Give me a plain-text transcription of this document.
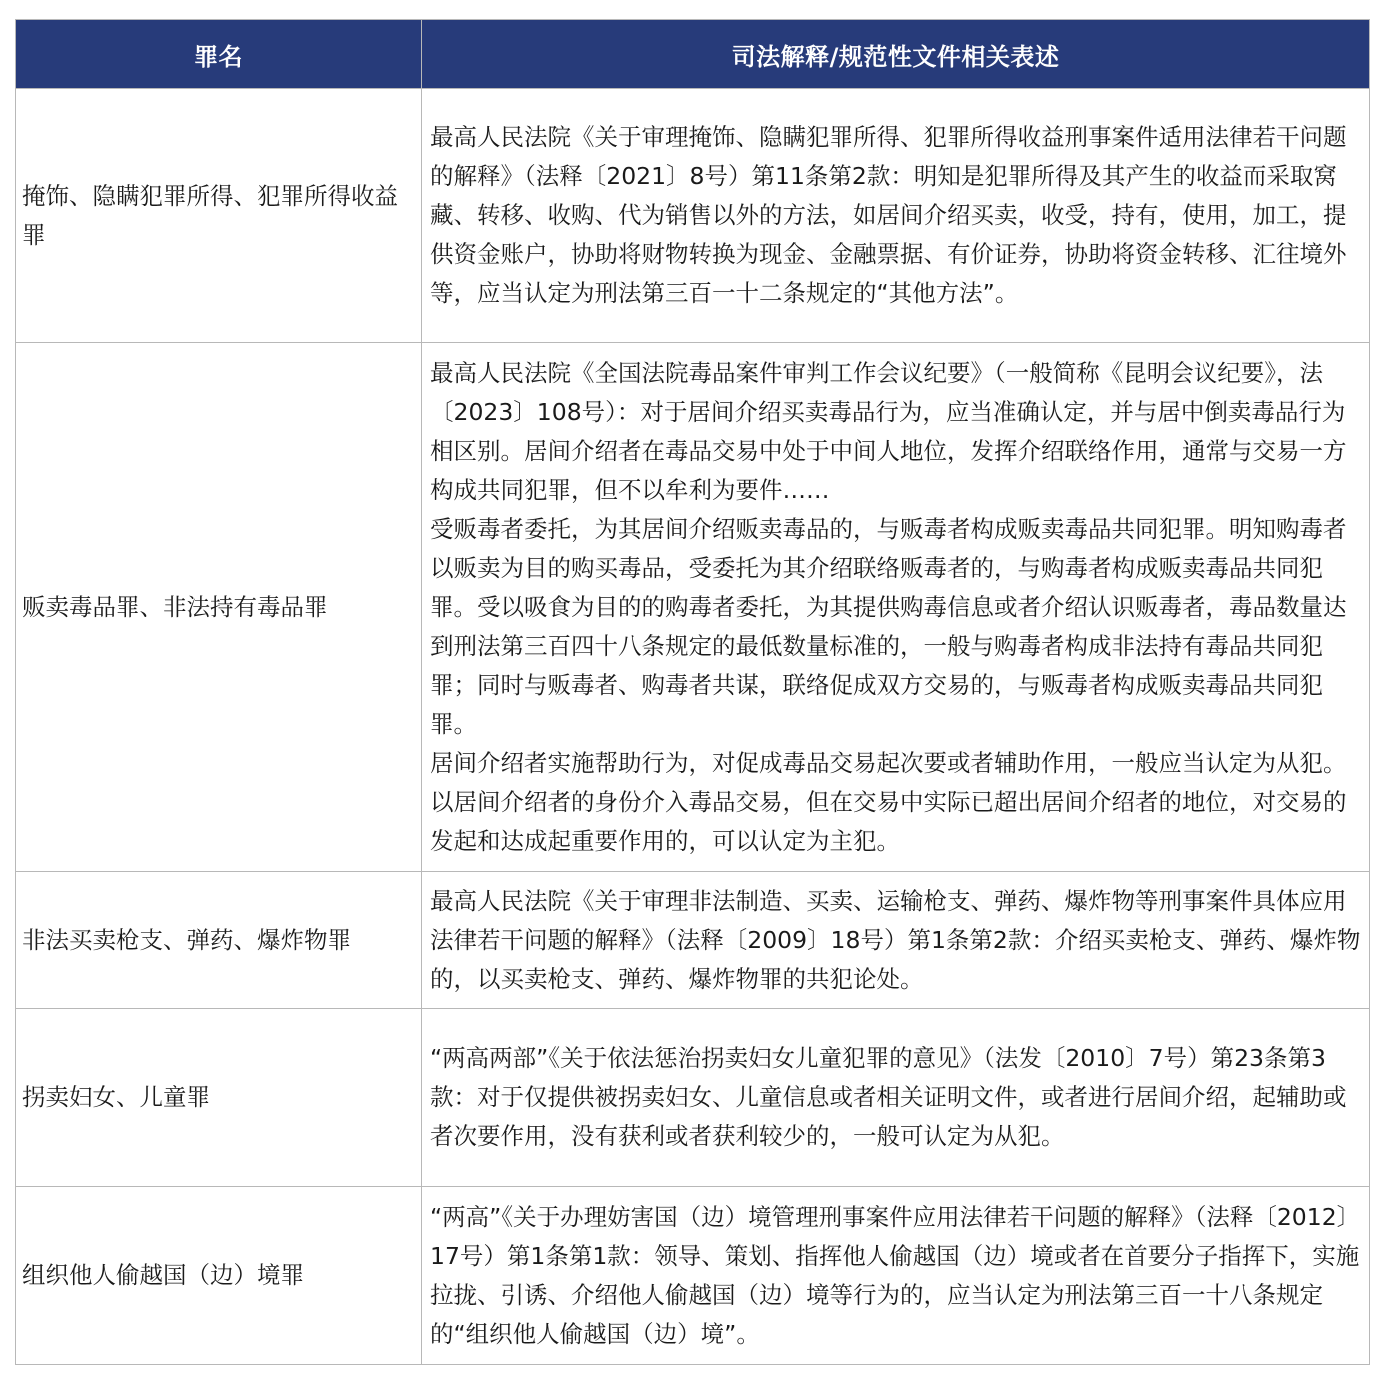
罪名	司法解释/规范性文件相关表述
掩饰、隐瞒犯罪所得、犯罪所得收益罪	最高人民法院《关于审理掩饰、隐瞒犯罪所得、犯罪所得收益刑事案件适用法律若干问题的解释》（法释〔2021〕8号）第11条第2款：明知是犯罪所得及其产生的收益而采取窝藏、转移、收购、代为销售以外的方法，如居间介绍买卖，收受，持有，使用，加工，提供资金账户，协助将财物转换为现金、金融票据、有价证券，协助将资金转移、汇往境外等，应当认定为刑法第三百一十二条规定的“其他方法”。

贩卖毒品罪、非法持有毒品罪	最高人民法院《全国法院毒品案件审判工作会议纪要》（一般简称《昆明会议纪要》，法〔2023〕108号）：对于居间介绍买卖毒品行为，应当准确认定，并与居中倒卖毒品行为相区别。居间介绍者在毒品交易中处于中间人地位，发挥介绍联络作用，通常与交易一方构成共同犯罪，但不以牟利为要件……
受贩毒者委托，为其居间介绍贩卖毒品的，与贩毒者构成贩卖毒品共同犯罪。明知购毒者以贩卖为目的购买毒品，受委托为其介绍联络贩毒者的，与购毒者构成贩卖毒品共同犯罪。受以吸食为目的的购毒者委托，为其提供购毒信息或者介绍认识贩毒者，毒品数量达到刑法第三百四十八条规定的最低数量标准的，一般与购毒者构成非法持有毒品共同犯罪；同时与贩毒者、购毒者共谋，联络促成双方交易的，与贩毒者构成贩卖毒品共同犯罪。
居间介绍者实施帮助行为，对促成毒品交易起次要或者辅助作用，一般应当认定为从犯。以居间介绍者的身份介入毒品交易，但在交易中实际已超出居间介绍者的地位，对交易的发起和达成起重要作用的，可以认定为主犯。

非法买卖枪支、弹药、爆炸物罪	最高人民法院《关于审理非法制造、买卖、运输枪支、弹药、爆炸物等刑事案件具体应用法律若干问题的解释》（法释〔2009〕18号）第1条第2款：介绍买卖枪支、弹药、爆炸物的，以买卖枪支、弹药、爆炸物罪的共犯论处。

拐卖妇女、儿童罪	“两高两部”《关于依法惩治拐卖妇女儿童犯罪的意见》（法发〔2010〕7号）第23条第3款：对于仅提供被拐卖妇女、儿童信息或者相关证明文件，或者进行居间介绍，起辅助或者次要作用，没有获利或者获利较少的，一般可认定为从犯。

组织他人偷越国（边）境罪	“两高”《关于办理妨害国（边）境管理刑事案件应用法律若干问题的解释》（法释〔2012〕17号）第1条第1款：领导、策划、指挥他人偷越国（边）境或者在首要分子指挥下，实施拉拢、引诱、介绍他人偷越国（边）境等行为的，应当认定为刑法第三百一十八条规定的“组织他人偷越国（边）境”。
